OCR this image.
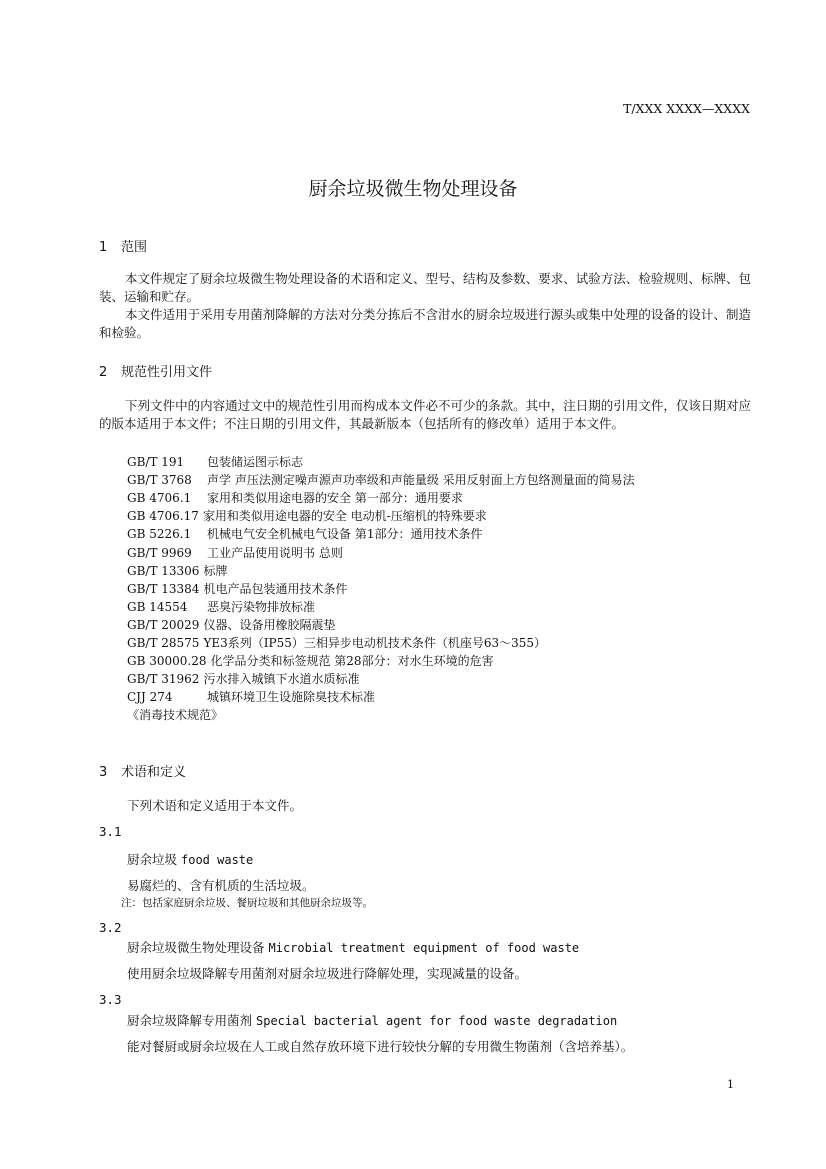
T/XXX XXXX—XXXX
厨余垃圾微生物处理设备
1 范围
本文件规定了厨余垃圾微生物处理设备的术语和定义、型号、结构及参数、要求、试验方法、检验规则、标牌、包装、运输和贮存。
本文件适用于采用专用菌剂降解的方法对分类分拣后不含泔水的厨余垃圾进行源头或集中处理的设备的设计、制造和检验。
2 规范性引用文件
下列文件中的内容通过文中的规范性引用而构成本文件必不可少的条款。其中，注日期的引用文件，仅该日期对应的版本适用于本文件；不注日期的引用文件，其最新版本（包括所有的修改单）适用于本文件。
GB/T 191 包装储运图示标志
GB/T 3768 声学 声压法测定噪声源声功率级和声能量级 采用反射面上方包络测量面的简易法
GB 4706.1 家用和类似用途电器的安全 第一部分：通用要求
GB 4706.17 家用和类似用途电器的安全 电动机-压缩机的特殊要求
GB 5226.1 机械电气安全机械电气设备 第1部分：通用技术条件
GB/T 9969 工业产品使用说明书 总则
GB/T 13306 标牌
GB/T 13384 机电产品包装通用技术条件
GB 14554 恶臭污染物排放标准
GB/T 20029 仪器、设备用橡胶隔震垫
GB/T 28575 YE3系列（IP55）三相异步电动机技术条件（机座号63～355）
GB 30000.28 化学品分类和标签规范 第28部分：对水生环境的危害
GB/T 31962 污水排入城镇下水道水质标准
CJJ 274	城镇环境卫生设施除臭技术标准
《消毒技术规范》
3 术语和定义
下列术语和定义适用于本文件。
3.1
厨余垃圾 food waste
易腐烂的、含有机质的生活垃圾。
注：包括家庭厨余垃圾、餐厨垃圾和其他厨余垃圾等。
3.2
厨余垃圾微生物处理设备 Microbial treatment equipment of food waste
使用厨余垃圾降解专用菌剂对厨余垃圾进行降解处理，实现减量的设备。
3.3
厨余垃圾降解专用菌剂 Special bacterial agent for food waste degradation
能对餐厨或厨余垃圾在人工或自然存放环境下进行较快分解的专用微生物菌剂（含培养基）。
1
